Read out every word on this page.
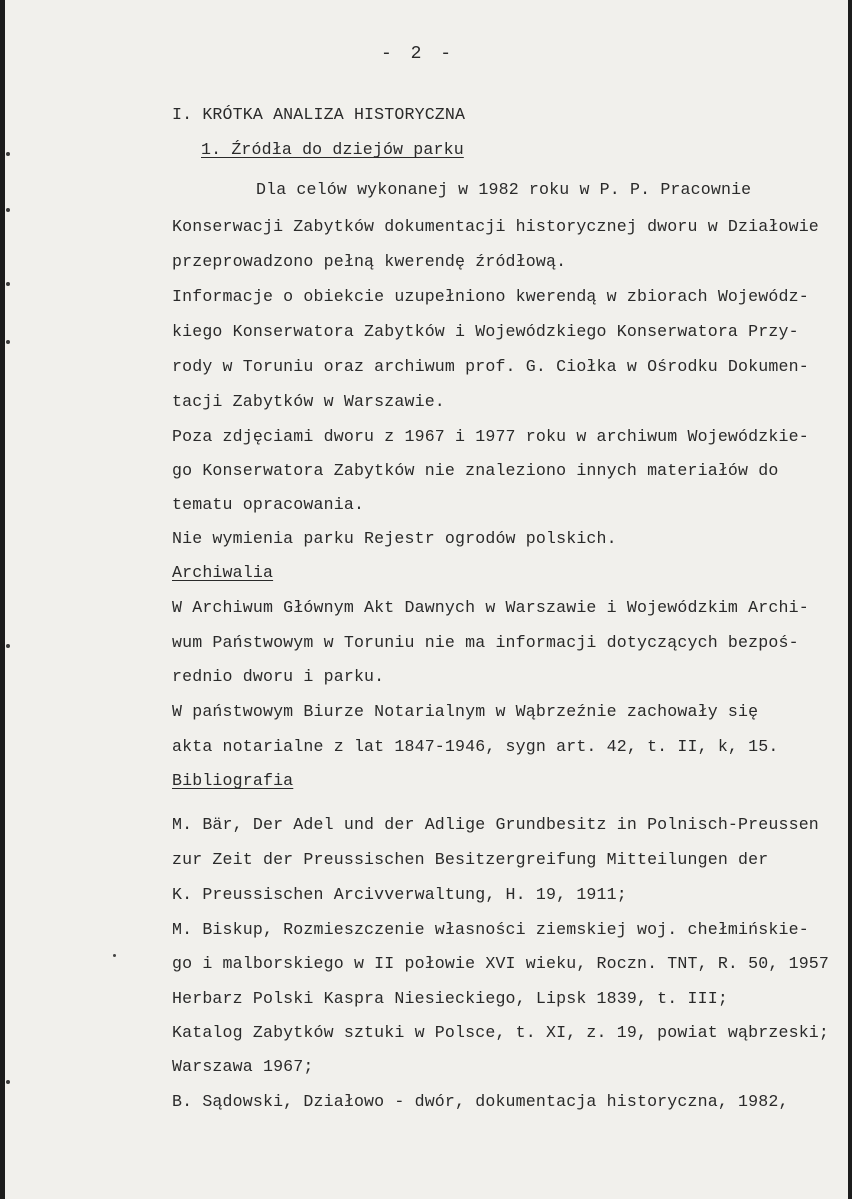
- 2 -
I. KRÓTKA ANALIZA HISTORYCZNA
1. Źródła do dziejów parku
Dla celów wykonanej w 1982 roku w P. P. Pracownie
Konserwacji Zabytków dokumentacji historycznej dworu w Działowie
przeprowadzono pełną kwerendę źródłową.
Informacje o obiekcie uzupełniono kwerendą w zbiorach Wojewódz-
kiego Konserwatora Zabytków i Wojewódzkiego Konserwatora Przy-
rody w Toruniu oraz archiwum prof. G. Ciołka w Ośrodku Dokumen-
tacji Zabytków w Warszawie.
Poza zdjęciami dworu z 1967 i 1977 roku w archiwum Wojewódzkie-
go Konserwatora Zabytków nie znaleziono innych materiałów do
tematu opracowania.
Nie wymienia parku Rejestr ogrodów polskich.
Archiwalia
W Archiwum Głównym Akt Dawnych w Warszawie i Wojewódzkim Archi-
wum Państwowym w Toruniu nie ma informacji dotyczących bezpoś-
rednio dworu i parku.
W państwowym Biurze Notarialnym w Wąbrzeźnie zachowały się
akta notarialne z lat 1847-1946, sygn art. 42, t. II, k, 15.
Bibliografia
M. Bär, Der Adel und der Adlige Grundbesitz in Polnisch-Preussen
zur Zeit der Preussischen Besitzergreifung Mitteilungen der
K. Preussischen Arcivverwaltung, H. 19, 1911;
M. Biskup, Rozmieszczenie własności ziemskiej woj. chełmińskie-
go i malborskiego w II połowie XVI wieku, Roczn. TNT, R. 50, 1957
Herbarz Polski Kaspra Niesieckiego, Lipsk 1839, t. III;
Katalog Zabytków sztuki w Polsce, t. XI, z. 19, powiat wąbrzeski;
Warszawa 1967;
B. Sądowski, Działowo - dwór, dokumentacja historyczna, 1982,
